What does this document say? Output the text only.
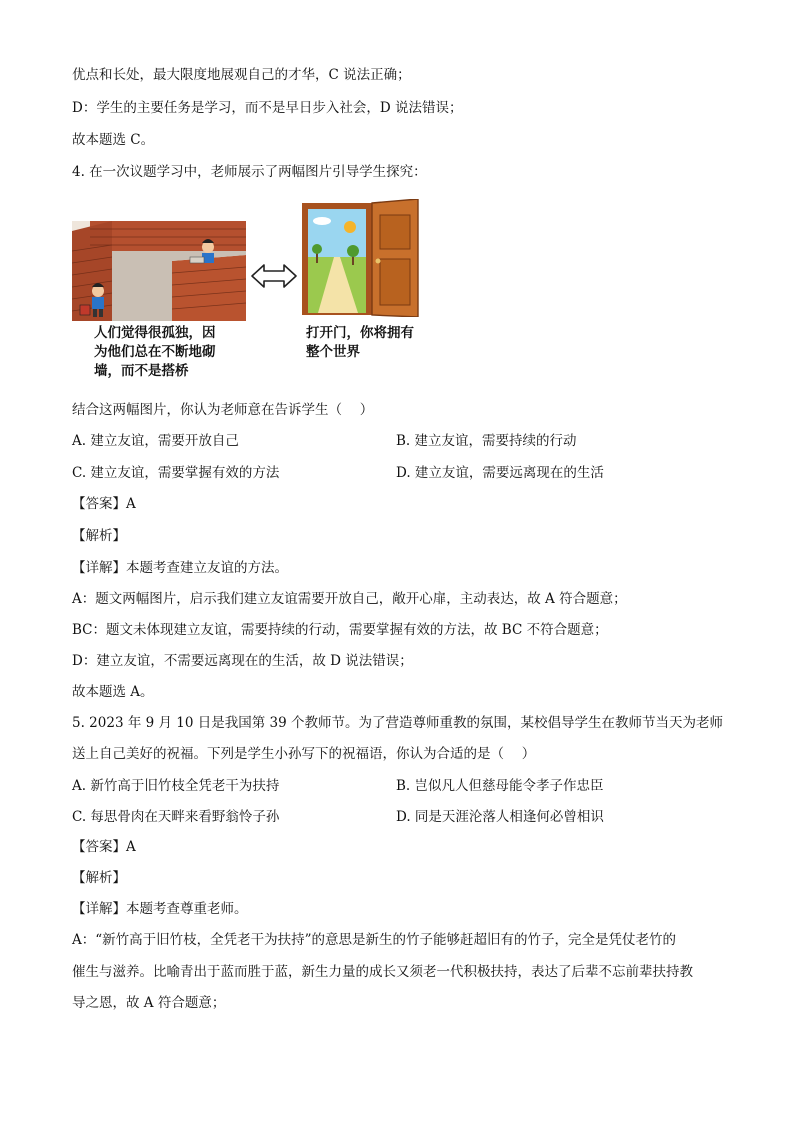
优点和长处，最大限度地展观自己的才华，C 说法正确；
D：学生的主要任务是学习，而不是早日步入社会，D 说法错误；
故本题选 C。
4. 在一次议题学习中，老师展示了两幅图片引导学生探究：
人们觉得很孤独，因
为他们总在不断地砌
墙，而不是搭桥
打开门，你将拥有
整个世界
结合这两幅图片，你认为老师意在告诉学生（　 ）
A. 建立友谊，需要开放自己	B. 建立友谊，需要持续的行动
C. 建立友谊，需要掌握有效的方法	D. 建立友谊，需要远离现在的生活
【答案】A
【解析】
【详解】本题考查建立友谊的方法。
A：题文两幅图片，启示我们建立友谊需要开放自己，敞开心扉，主动表达，故 A 符合题意；
BC：题文未体现建立友谊，需要持续的行动，需要掌握有效的方法，故 BC 不符合题意；
D：建立友谊，不需要远离现在的生活，故 D 说法错误；
故本题选 A。
5. 2023 年 9 月 10 日是我国第 39 个教师节。为了营造尊师重教的氛围，某校倡导学生在教师节当天为老师
送上自己美好的祝福。下列是学生小孙写下的祝福语，你认为合适的是（　 ）
A. 新竹高于旧竹枝全凭老干为扶持	B. 岂似凡人但慈母能令孝子作忠臣
C. 每思骨肉在天畔来看野翁怜子孙	D. 同是天涯沦落人相逢何必曾相识
【答案】A
【解析】
【详解】本题考查尊重老师。
A：“新竹高于旧竹枝，全凭老干为扶持”的意思是新生的竹子能够赶超旧有的竹子，完全是凭仗老竹的
催生与滋养。比喻青出于蓝而胜于蓝，新生力量的成长又须老一代积极扶持，表达了后辈不忘前辈扶持教
导之恩，故 A 符合题意；
